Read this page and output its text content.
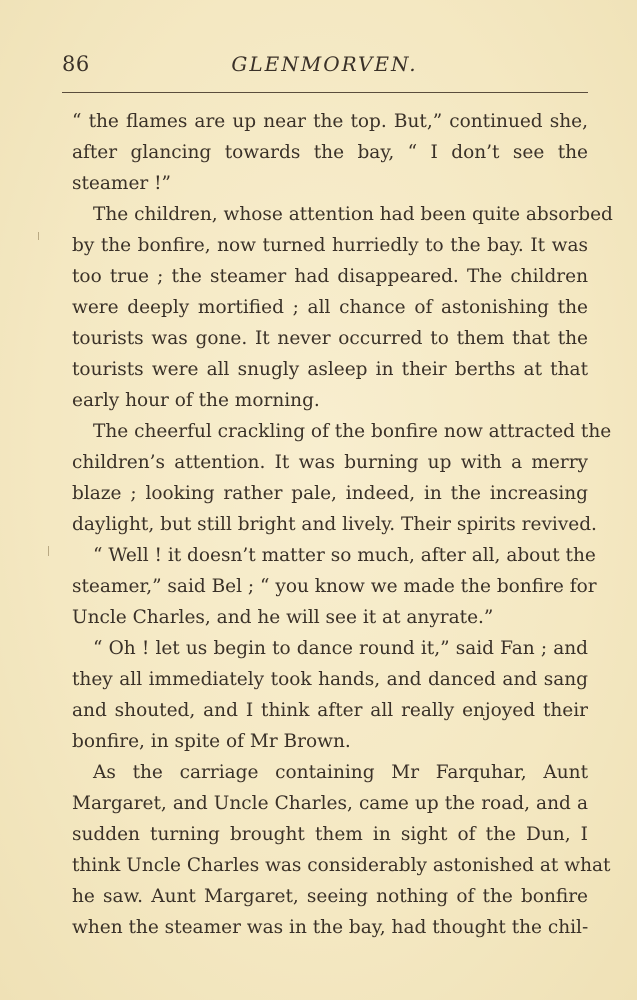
86	GLENMORVEN.
“ the flames are up near the top. But,” continued she,
after glancing towards the bay, “ I don’t see the
steamer !”
The children, whose attention had been quite absorbed
by the bonfire, now turned hurriedly to the bay. It was
too true ; the steamer had disappeared. The children
were deeply mortified ; all chance of astonishing the
tourists was gone. It never occurred to them that the
tourists were all snugly asleep in their berths at that
early hour of the morning.
The cheerful crackling of the bonfire now attracted the
children’s attention. It was burning up with a merry
blaze ; looking rather pale, indeed, in the increasing
daylight, but still bright and lively. Their spirits revived.
“ Well ! it doesn’t matter so much, after all, about the
steamer,” said Bel ; “ you know we made the bonfire for
Uncle Charles, and he will see it at anyrate.”
“ Oh ! let us begin to dance round it,” said Fan ; and
they all immediately took hands, and danced and sang
and shouted, and I think after all really enjoyed their
bonfire, in spite of Mr Brown.
As the carriage containing Mr Farquhar, Aunt
Margaret, and Uncle Charles, came up the road, and a
sudden turning brought them in sight of the Dun, I
think Uncle Charles was considerably astonished at what
he saw. Aunt Margaret, seeing nothing of the bonfire
when the steamer was in the bay, had thought the chil-
